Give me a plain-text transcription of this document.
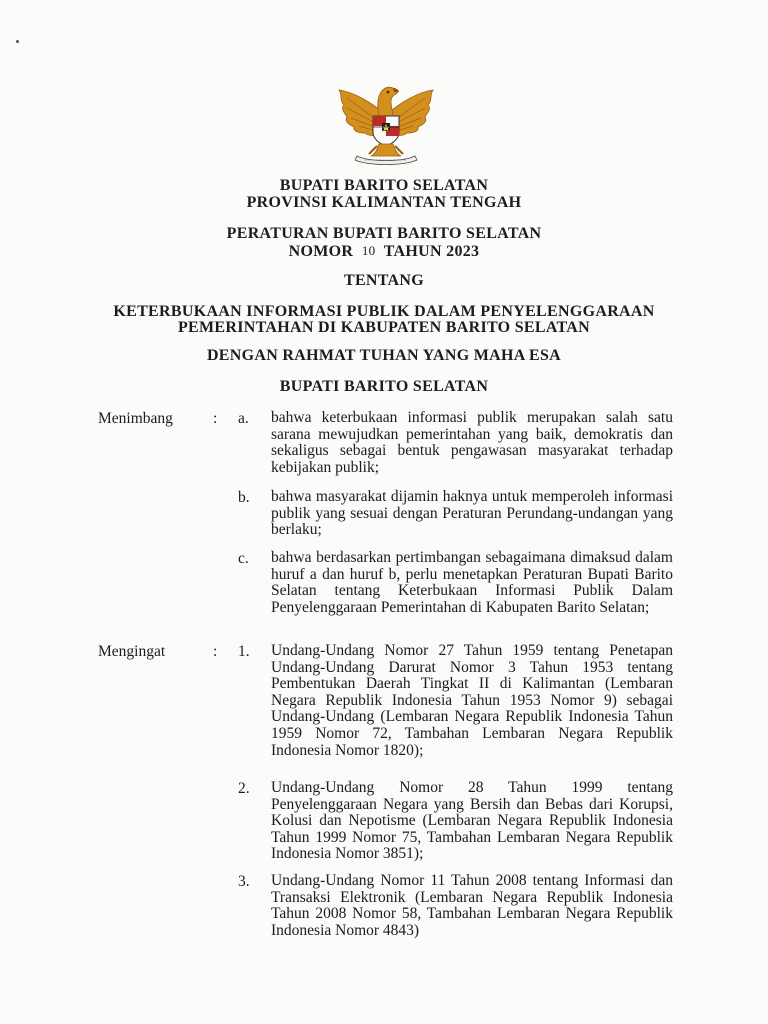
BUPATI BARITO SELATAN
PROVINSI KALIMANTAN TENGAH
PERATURAN BUPATI BARITO SELATAN
NOMOR 10 TAHUN 2023
TENTANG
KETERBUKAAN INFORMASI PUBLIK DALAM PENYELENGGARAAN
PEMERINTAHAN DI KABUPATEN BARITO SELATAN
DENGAN RAHMAT TUHAN YANG MAHA ESA
BUPATI BARITO SELATAN
Menimbang	: a. bahwa keterbukaan informasi publik merupakan salah satu sarana mewujudkan pemerintahan yang baik, demokratis dan sekaligus sebagai bentuk pengawasan masyarakat terhadap kebijakan publik;
b. bahwa masyarakat dijamin haknya untuk memperoleh informasi publik yang sesuai dengan Peraturan Perundang-undangan yang berlaku;
c. bahwa berdasarkan pertimbangan sebagaimana dimaksud dalam huruf a dan huruf b, perlu menetapkan Peraturan Bupati Barito Selatan tentang Keterbukaan Informasi Publik Dalam Penyelenggaraan Pemerintahan di Kabupaten Barito Selatan;
Mengingat	: 1. Undang-Undang Nomor 27 Tahun 1959 tentang Penetapan Undang-Undang Darurat Nomor 3 Tahun 1953 tentang Pembentukan Daerah Tingkat II di Kalimantan (Lembaran Negara Republik Indonesia Tahun 1953 Nomor 9) sebagai Undang-Undang (Lembaran Negara Republik Indonesia Tahun 1959 Nomor 72, Tambahan Lembaran Negara Republik Indonesia Nomor 1820);
2. Undang-Undang Nomor 28 Tahun 1999 tentang Penyelenggaraan Negara yang Bersih dan Bebas dari Korupsi, Kolusi dan Nepotisme (Lembaran Negara Republik Indonesia Tahun 1999 Nomor 75, Tambahan Lembaran Negara Republik Indonesia Nomor 3851);
3. Undang-Undang Nomor 11 Tahun 2008 tentang Informasi dan Transaksi Elektronik (Lembaran Negara Republik Indonesia Tahun 2008 Nomor 58, Tambahan Lembaran Negara Republik Indonesia Nomor 4843)
